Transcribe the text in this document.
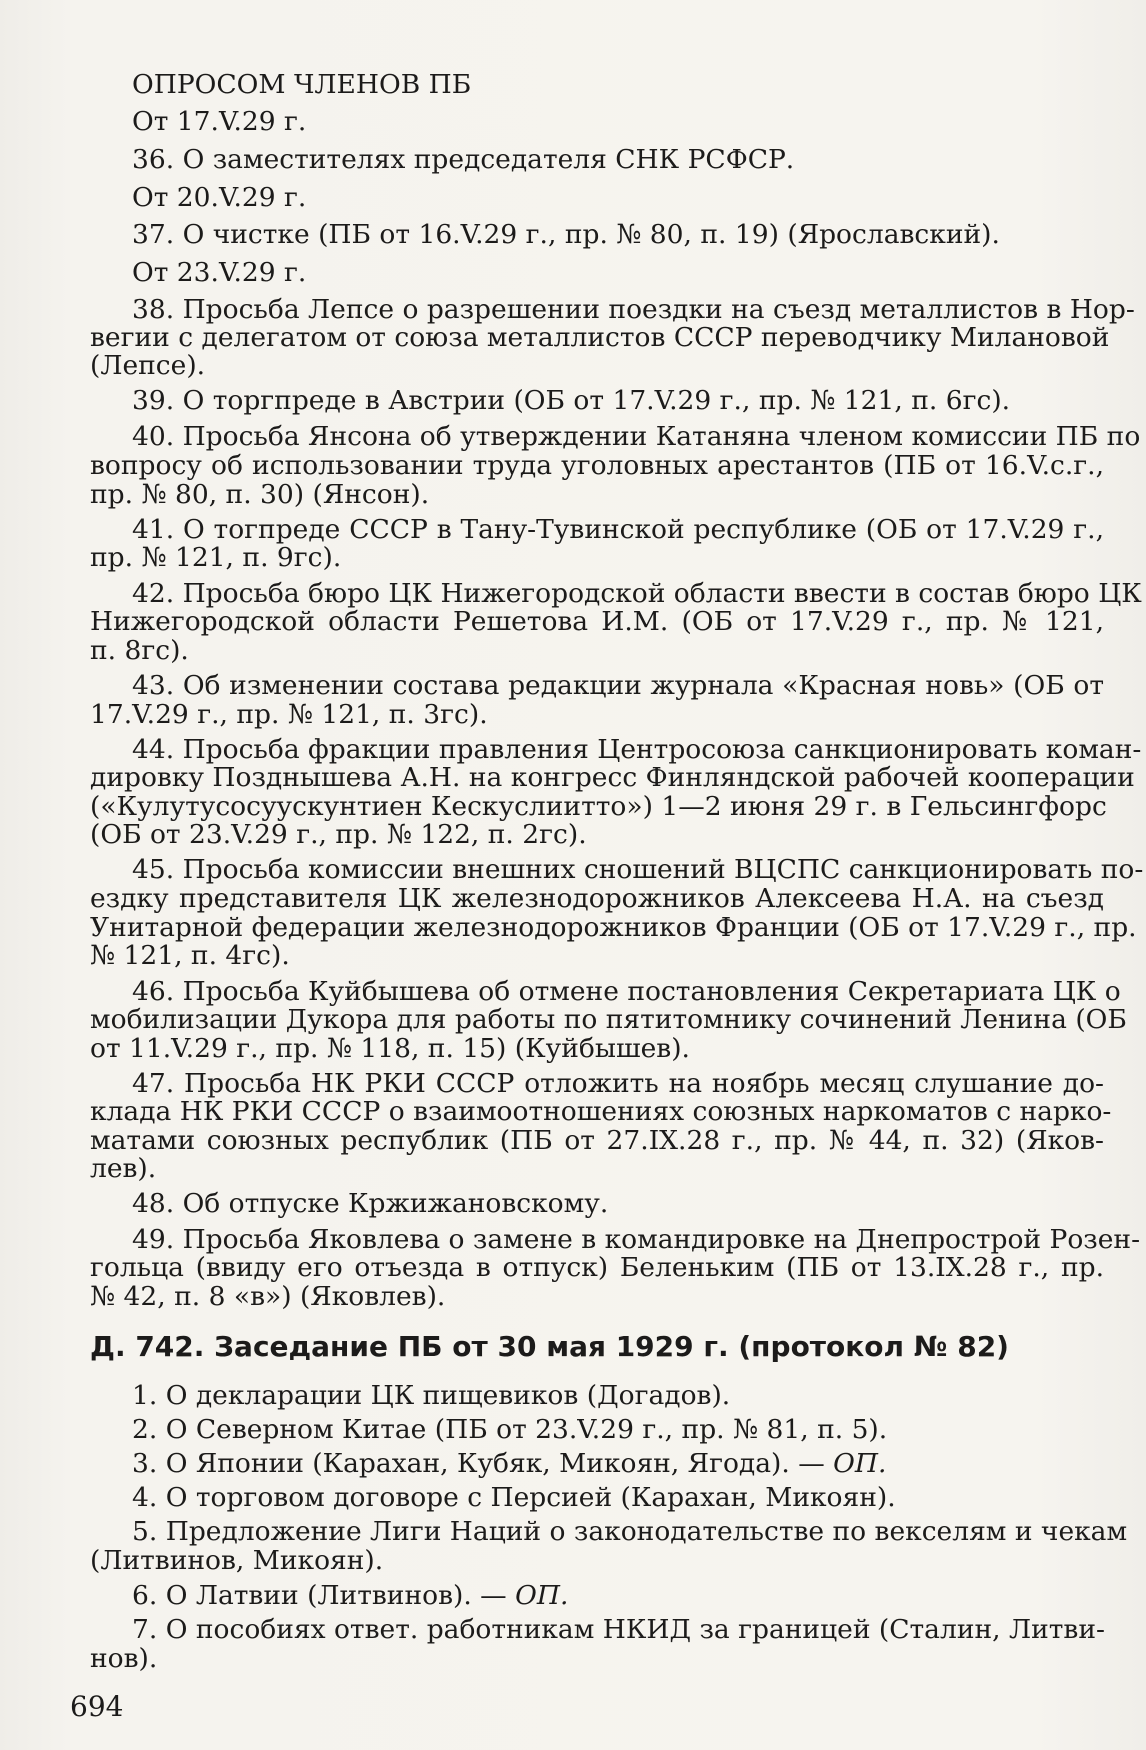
ОПРОСОМ ЧЛЕНОВ ПБ
От 17.V.29 г.
36. О заместителях председателя СНК РСФСР.
От 20.V.29 г.
37. О чистке (ПБ от 16.V.29 г., пр. № 80, п. 19) (Ярославский).
От 23.V.29 г.
38. Просьба Лепсе о разрешении поездки на съезд металлистов в Нор-
вегии с делегатом от союза металлистов СССР переводчику Милановой
(Лепсе).
39. О торгпреде в Австрии (ОБ от 17.V.29 г., пр. № 121, п. 6гс).
40. Просьба Янсона об утверждении Катаняна членом комиссии ПБ по
вопросу об использовании труда уголовных арестантов (ПБ от 16.V.с.г.,
пр. № 80, п. 30) (Янсон).
41. О тогпреде СССР в Тану-Тувинской республике (ОБ от 17.V.29 г.,
пр. № 121, п. 9гс).
42. Просьба бюро ЦК Нижегородской области ввести в состав бюро ЦК
Нижегородской области Решетова И.М. (ОБ от 17.V.29 г., пр. № 121,
п. 8гс).
43. Об изменении состава редакции журнала «Красная новь» (ОБ от
17.V.29 г., пр. № 121, п. 3гс).
44. Просьба фракции правления Центросоюза санкционировать коман-
дировку Позднышева А.Н. на конгресс Финляндской рабочей кооперации
(«Кулутусосуускунтиен Кескуслиитто») 1—2 июня 29 г. в Гельсингфорс
(ОБ от 23.V.29 г., пр. № 122, п. 2гс).
45. Просьба комиссии внешних сношений ВЦСПС санкционировать по-
ездку представителя ЦК железнодорожников Алексеева Н.А. на съезд
Унитарной федерации железнодорожников Франции (ОБ от 17.V.29 г., пр.
№ 121, п. 4гс).
46. Просьба Куйбышева об отмене постановления Секретариата ЦК о
мобилизации Дукора для работы по пятитомнику сочинений Ленина (ОБ
от 11.V.29 г., пр. № 118, п. 15) (Куйбышев).
47. Просьба НК РКИ СССР отложить на ноябрь месяц слушание до-
клада НК РКИ СССР о взаимоотношениях союзных наркоматов с нарко-
матами союзных республик (ПБ от 27.IX.28 г., пр. № 44, п. 32) (Яков-
лев).
48. Об отпуске Кржижановскому.
49. Просьба Яковлева о замене в командировке на Днепрострой Розен-
гольца (ввиду его отъезда в отпуск) Беленьким (ПБ от 13.IX.28 г., пр.
№ 42, п. 8 «в») (Яковлев).
Д. 742. Заседание ПБ от 30 мая 1929 г. (протокол № 82)
1. О декларации ЦК пищевиков (Догадов).
2. О Северном Китае (ПБ от 23.V.29 г., пр. № 81, п. 5).
3. О Японии (Карахан, Кубяк, Микоян, Ягода). — ОП.
4. О торговом договоре с Персией (Карахан, Микоян).
5. Предложение Лиги Наций о законодательстве по векселям и чекам
(Литвинов, Микоян).
6. О Латвии (Литвинов). — ОП.
7. О пособиях ответ. работникам НКИД за границей (Сталин, Литви-
нов).
694
